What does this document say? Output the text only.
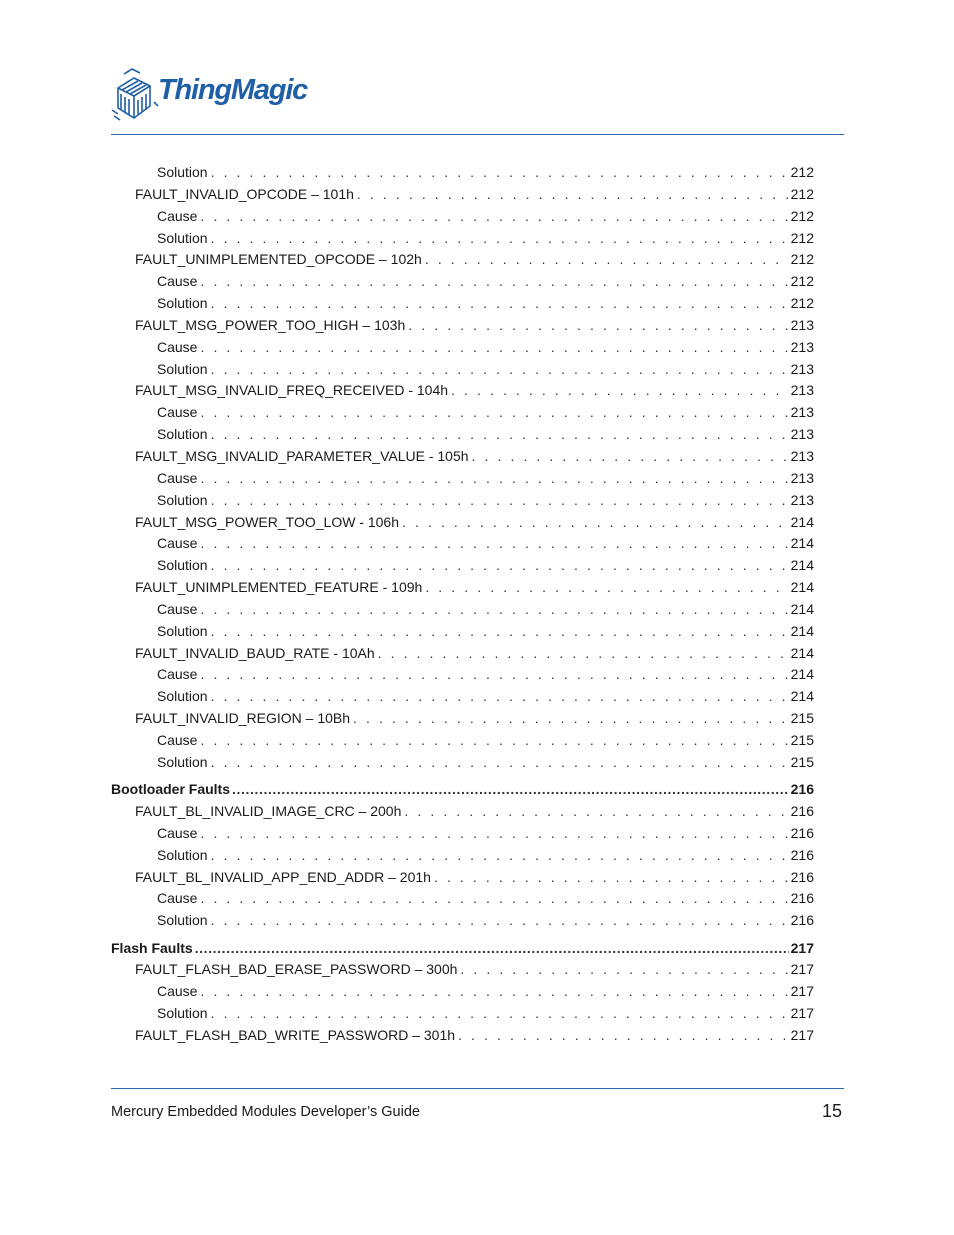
ThingMagic
Solution . . .	212
FAULT_INVALID_OPCODE – 101h . . .	212
Cause . . .	212
Solution . . .	212
FAULT_UNIMPLEMENTED_OPCODE – 102h . . .	212
Cause . . .	212
Solution . . .	212
FAULT_MSG_POWER_TOO_HIGH – 103h . . .	213
Cause . . .	213
Solution . . .	213
FAULT_MSG_INVALID_FREQ_RECEIVED - 104h . . .	213
Cause . . .	213
Solution . . .	213
FAULT_MSG_INVALID_PARAMETER_VALUE - 105h . . .	213
Cause . . .	213
Solution . . .	213
FAULT_MSG_POWER_TOO_LOW - 106h . . .	214
Cause . . .	214
Solution . . .	214
FAULT_UNIMPLEMENTED_FEATURE - 109h . . .	214
Cause . . .	214
Solution . . .	214
FAULT_INVALID_BAUD_RATE - 10Ah . . .	214
Cause . . .	214
Solution . . .	214
FAULT_INVALID_REGION – 10Bh . . .	215
Cause . . .	215
Solution . . .	215
Bootloader Faults .....	216
FAULT_BL_INVALID_IMAGE_CRC – 200h . . .	216
Cause . . .	216
Solution . . .	216
FAULT_BL_INVALID_APP_END_ADDR – 201h . . .	216
Cause . . .	216
Solution . . .	216
Flash Faults .....	217
FAULT_FLASH_BAD_ERASE_PASSWORD – 300h . . .	217
Cause . . .	217
Solution . . .	217
FAULT_FLASH_BAD_WRITE_PASSWORD – 301h . . .	217
Mercury Embedded Modules Developer’s Guide	15
